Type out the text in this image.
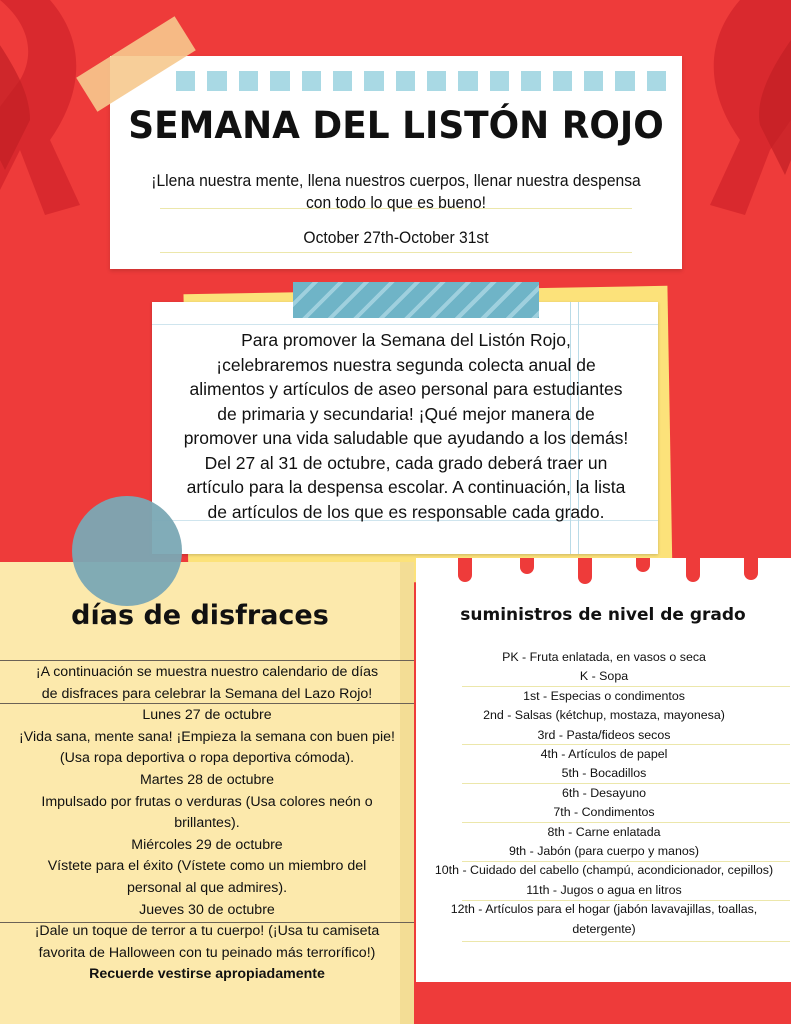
SEMANA DEL LISTÓN ROJO
¡Llena nuestra mente, llena nuestros cuerpos, llenar nuestra despensa
con todo lo que es bueno!
October 27th-October 31st
Para promover la Semana del Listón Rojo,
¡celebraremos nuestra segunda colecta anual de
alimentos y artículos de aseo personal para estudiantes
de primaria y secundaria! ¡Qué mejor manera de
promover una vida saludable que ayudando a los demás!
Del 27 al 31 de octubre, cada grado deberá traer un
artículo para la despensa escolar. A continuación, la lista
de artículos de los que es responsable cada grado.
días de disfraces
¡A continuación se muestra nuestro calendario de días
de disfraces para celebrar la Semana del Lazo Rojo!
Lunes 27 de octubre
¡Vida sana, mente sana! ¡Empieza la semana con buen pie!
(Usa ropa deportiva o ropa deportiva cómoda).
Martes 28 de octubre
Impulsado por frutas o verduras (Usa colores neón o
brillantes).
Miércoles 29 de octubre
Vístete para el éxito (Vístete como un miembro del
personal al que admires).
Jueves 30 de octubre
¡Dale un toque de terror a tu cuerpo! (¡Usa tu camiseta
favorita de Halloween con tu peinado más terrorífico!)
Recuerde vestirse apropiadamente
suministros de nivel de grado
PK - Fruta enlatada, en vasos o seca
K - Sopa
1st - Especias o condimentos
2nd - Salsas (kétchup, mostaza, mayonesa)
3rd - Pasta/fideos secos
4th - Artículos de papel
5th - Bocadillos
6th - Desayuno
7th - Condimentos
8th - Carne enlatada
9th - Jabón (para cuerpo y manos)
10th - Cuidado del cabello (champú, acondicionador, cepillos)
11th - Jugos o agua en litros
12th - Artículos para el hogar (jabón lavavajillas, toallas,
detergente)
